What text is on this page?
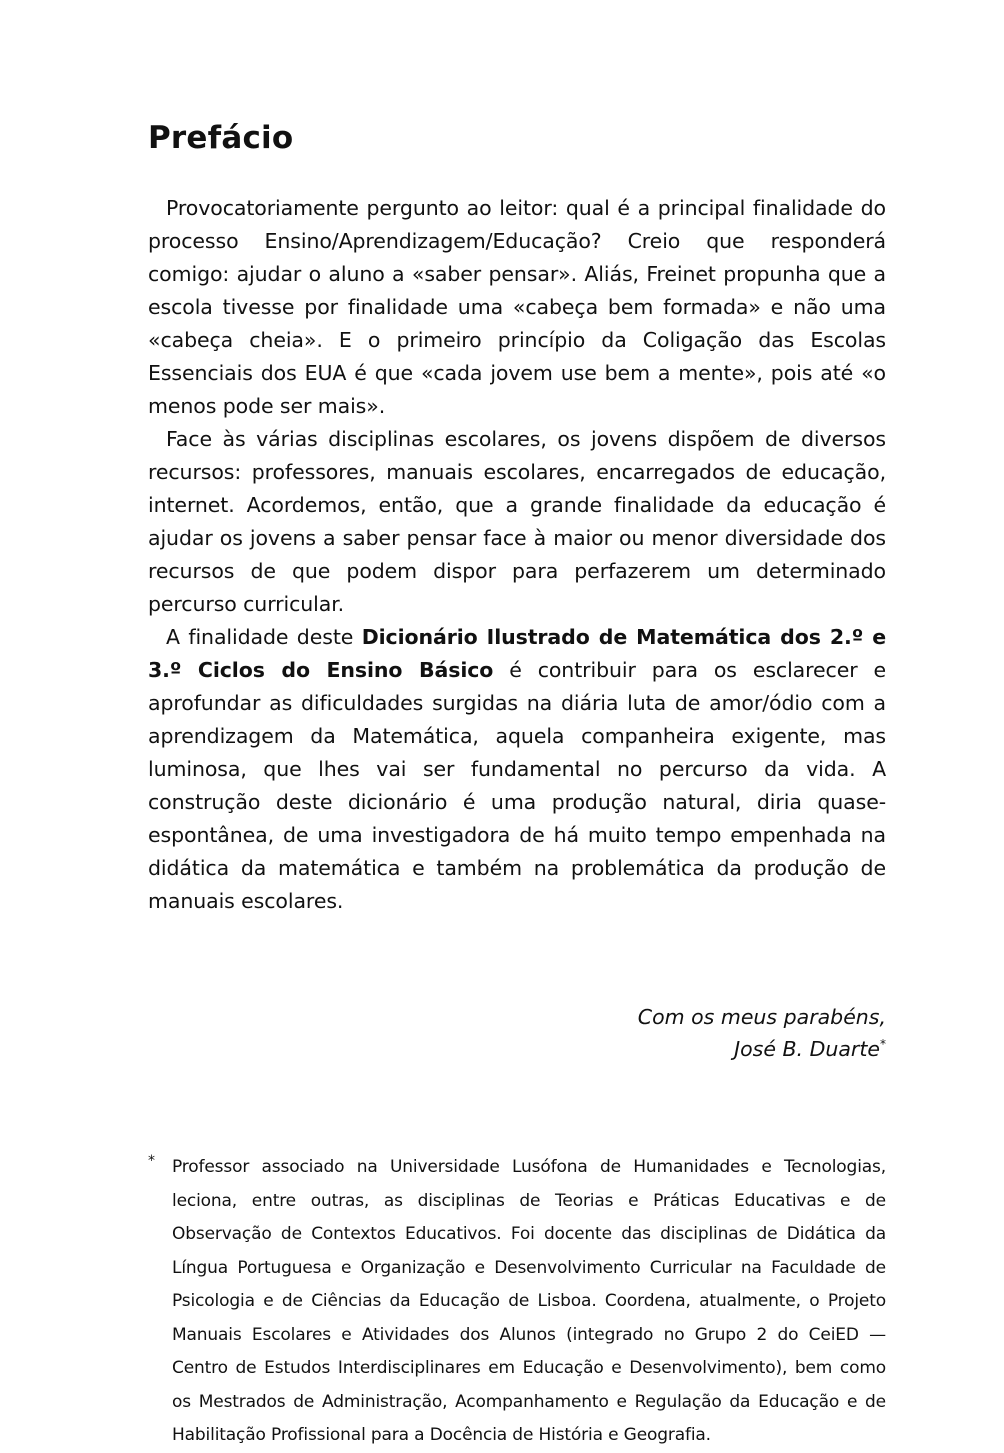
Prefácio

Provocatoriamente pergunto ao leitor: qual é a principal finalidade do processo Ensino/Aprendizagem/Educação? Creio que responderá comigo: ajudar o aluno a «saber pensar». Aliás, Freinet propunha que a escola tivesse por finalidade uma «cabeça bem formada» e não uma «cabeça cheia». E o primeiro princípio da Coligação das Escolas Essenciais dos EUA é que «cada jovem use bem a mente», pois até «o menos pode ser mais».

Face às várias disciplinas escolares, os jovens dispõem de diversos recursos: professores, manuais escolares, encarregados de educação, internet. Acordemos, então, que a grande finalidade da educação é ajudar os jovens a saber pensar face à maior ou menor diversidade dos recursos de que podem dispor para perfazerem um determinado percurso curricular.

A finalidade deste Dicionário Ilustrado de Matemática dos 2.º e 3.º Ciclos do Ensino Básico é contribuir para os esclarecer e aprofundar as dificuldades surgidas na diária luta de amor/ódio com a aprendizagem da Matemática, aquela companheira exigente, mas luminosa, que lhes vai ser fundamental no percurso da vida. A construção deste dicionário é uma produção natural, diria quase-espontânea, de uma investigadora de há muito tempo empenhada na didática da matemática e também na problemática da produção de manuais escolares.

Com os meus parabéns,
José B. Duarte*
* Professor associado na Universidade Lusófona de Humanidades e Tecnologias, leciona, entre outras, as disciplinas de Teorias e Práticas Educativas e de Observação de Contextos Educativos. Foi docente das disciplinas de Didática da Língua Portuguesa e Organização e Desenvolvimento Curricular na Faculdade de Psicologia e de Ciências da Educação de Lisboa. Coordena, atualmente, o Projeto Manuais Escolares e Atividades dos Alunos (integrado no Grupo 2 do CeiED — Centro de Estudos Interdisciplinares em Educação e Desenvolvimento), bem como os Mestrados de Administração, Acompanhamento e Regulação da Educação e de Habilitação Profissional para a Docência de História e Geografia.
